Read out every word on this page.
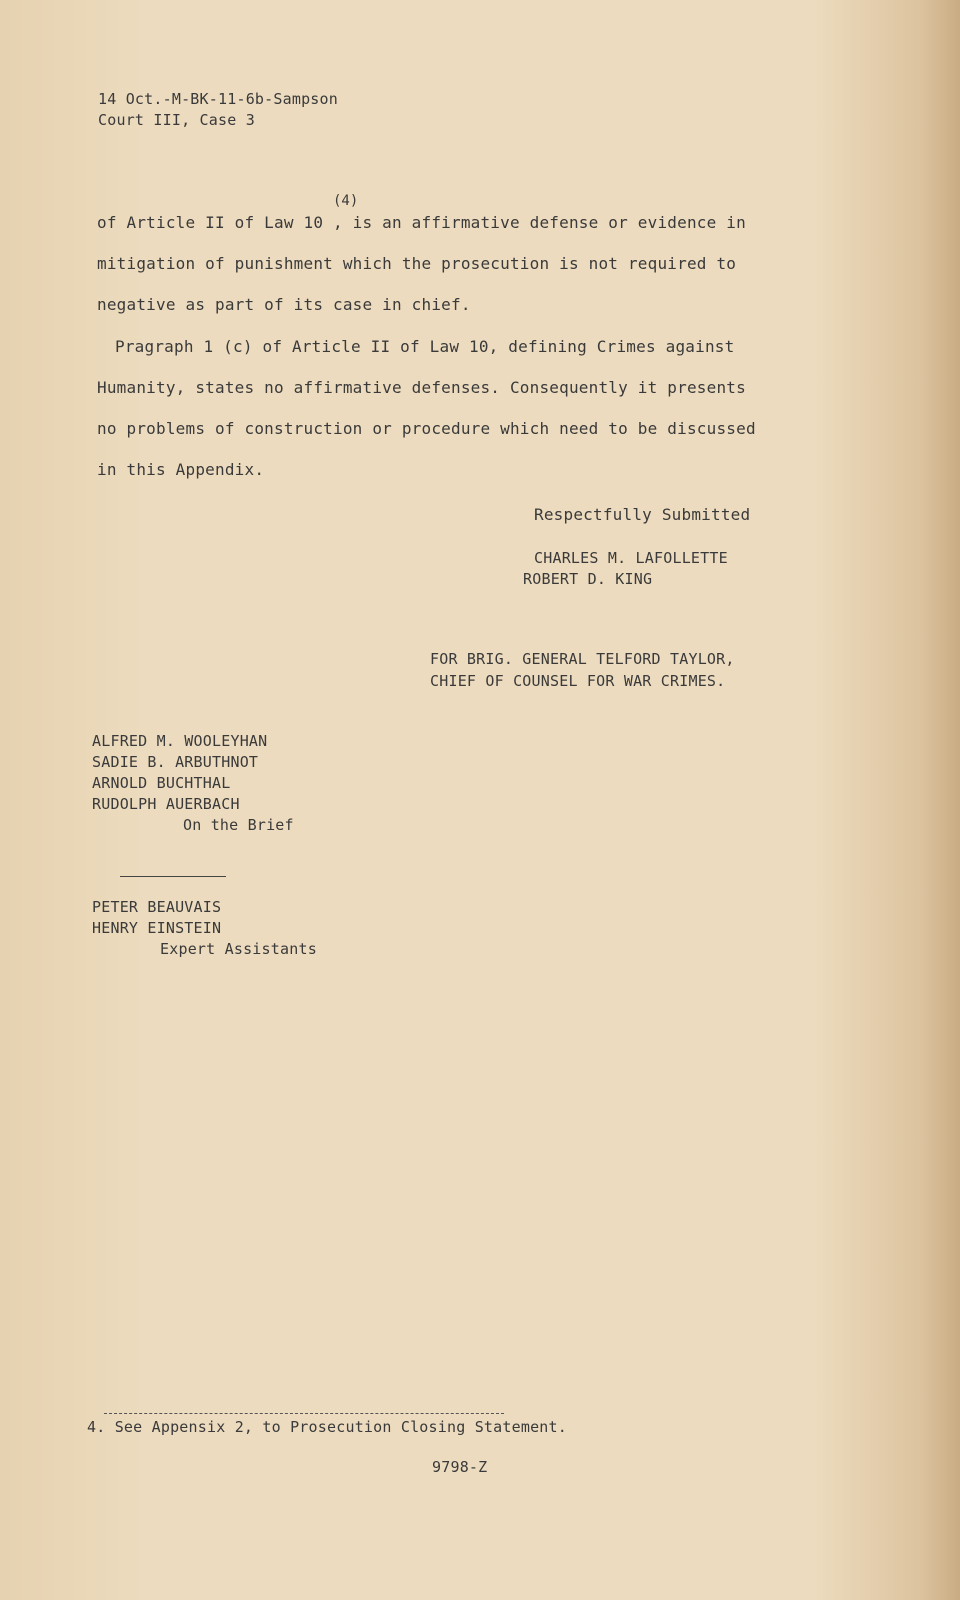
14 Oct.-M-BK-11-6b-Sampson
Court III, Case 3
(4)
of Article II of Law 10 , is an affirmative defense or evidence in
mitigation of punishment which the prosecution is not required to
negative as part of its case in chief.
Pragraph 1 (c) of Article II of Law 10, defining Crimes against
Humanity, states no affirmative defenses. Consequently it presents
no problems of construction or procedure which need to be discussed
in this Appendix.
Respectfully Submitted
CHARLES M. LAFOLLETTE
ROBERT D. KING
FOR BRIG. GENERAL TELFORD TAYLOR,
CHIEF OF COUNSEL FOR WAR CRIMES.
ALFRED M. WOOLEYHAN
SADIE B. ARBUTHNOT
ARNOLD BUCHTHAL
RUDOLPH AUERBACH
On the Brief
PETER BEAUVAIS
HENRY EINSTEIN
Expert Assistants
4. See Appensix 2, to Prosecution Closing Statement.
9798-Z
